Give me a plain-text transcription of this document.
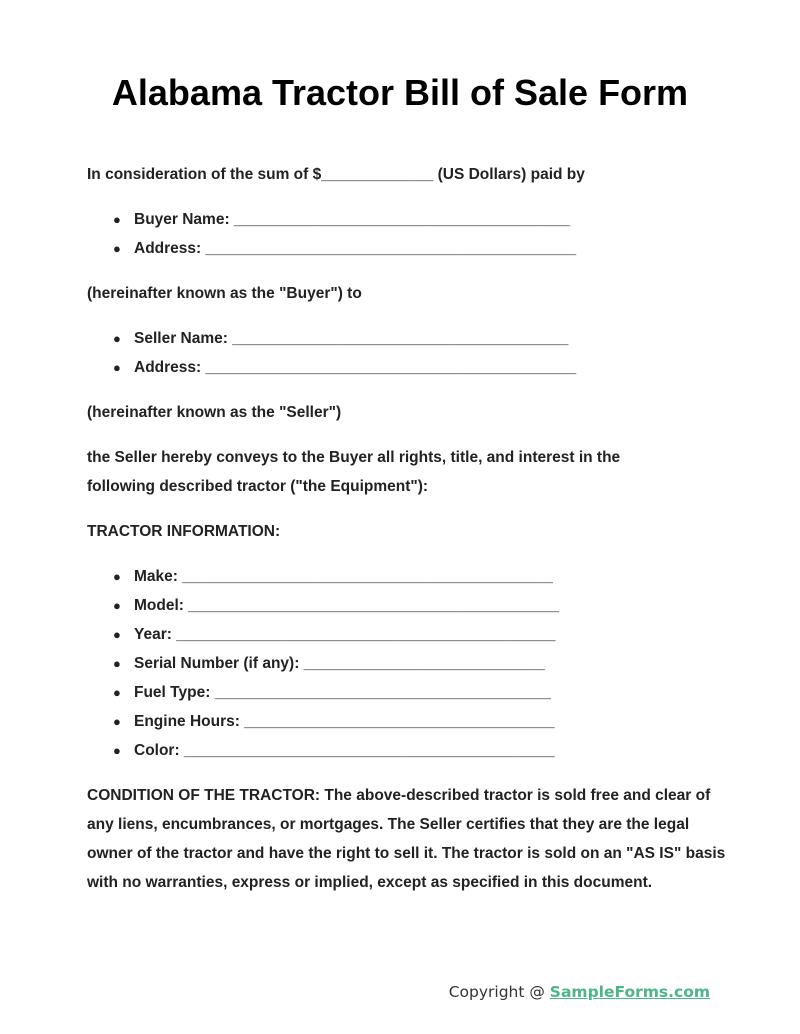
Alabama Tractor Bill of Sale Form

In consideration of the sum of $_____________ (US Dollars) paid by

● Buyer Name: _______________________________________
● Address: ___________________________________________

(hereinafter known as the "Buyer") to

● Seller Name: _______________________________________
● Address: ___________________________________________

(hereinafter known as the "Seller")

the Seller hereby conveys to the Buyer all rights, title, and interest in the

following described tractor ("the Equipment"):

TRACTOR INFORMATION:

● Make: ___________________________________________
● Model: ___________________________________________
● Year: ____________________________________________
● Serial Number (if any): ____________________________
● Fuel Type: _______________________________________
● Engine Hours: ____________________________________
● Color: ___________________________________________

CONDITION OF THE TRACTOR: The above-described tractor is sold free and clear of any liens, encumbrances, or mortgages. The Seller certifies that they are the legal owner of the tractor and have the right to sell it. The tractor is sold on an "AS IS" basis with no warranties, express or implied, except as specified in this document.

Copyright @ SampleForms.com
